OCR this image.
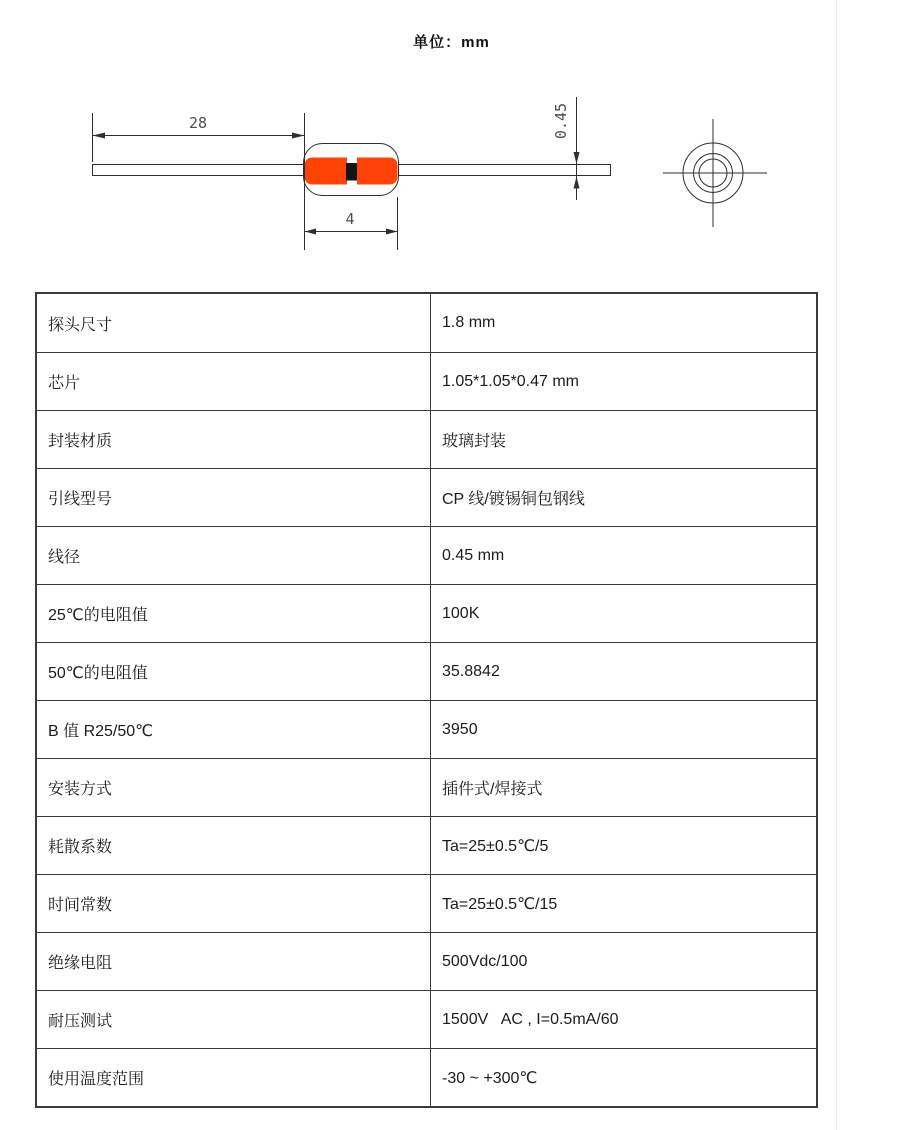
单位：mm
28
4
0.45
探头尺寸	1.8 mm
芯片	1.05*1.05*0.47 mm
封装材质	玻璃封装
引线型号	CP 线/镀锡铜包钢线
线径	0.45 mm
25℃的电阻值	100K
50℃的电阻值	35.8842
B 值 R25/50℃	3950
安装方式	插件式/焊接式
耗散系数	Ta=25±0.5℃/5
时间常数	Ta=25±0.5℃/15
绝缘电阻	500Vdc/100
耐压测试	1500V   AC , I=0.5mA/60
使用温度范围	-30 ~ +300℃
